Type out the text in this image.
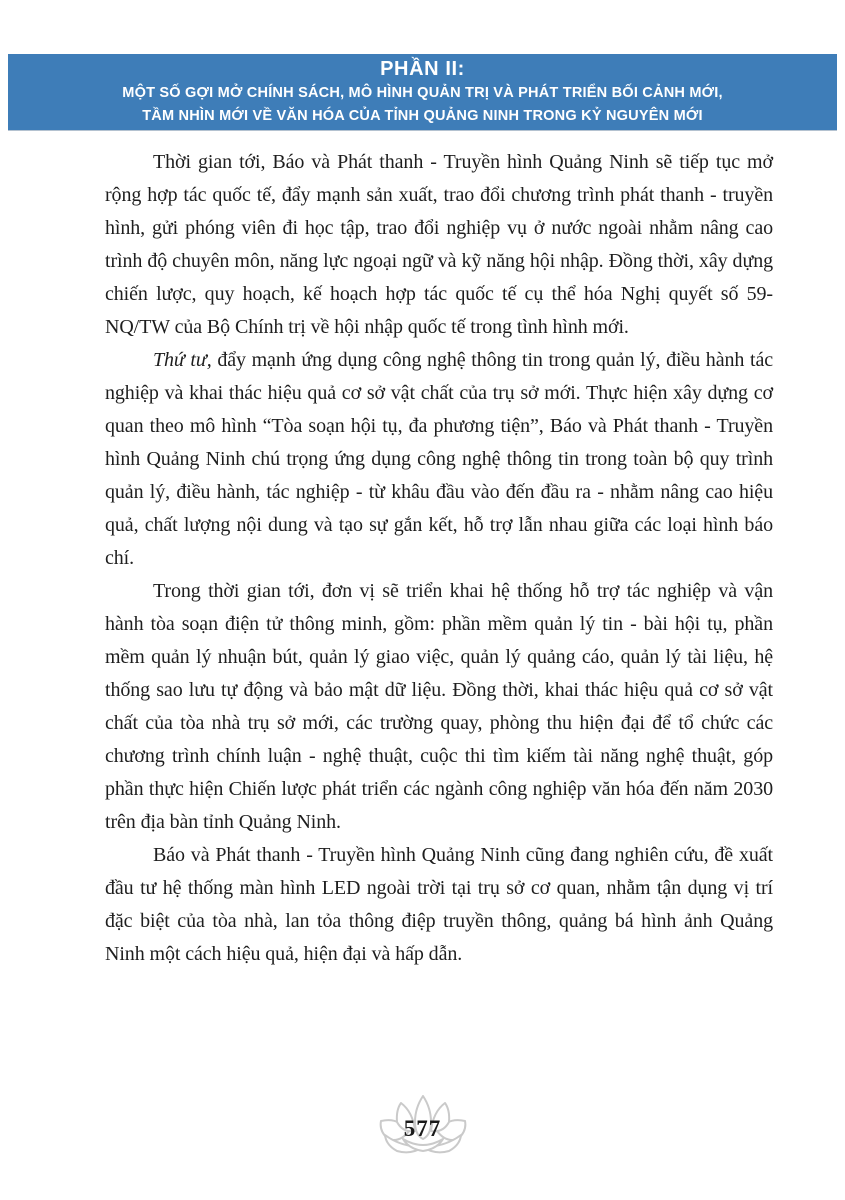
PHẦN II:
MỘT SỐ GỢI MỞ CHÍNH SÁCH, MÔ HÌNH QUẢN TRỊ VÀ PHÁT TRIỂN BỐI CẢNH MỚI,
TẦM NHÌN MỚI VỀ VĂN HÓA CỦA TỈNH QUẢNG NINH TRONG KỶ NGUYÊN MỚI

Thời gian tới, Báo và Phát thanh - Truyền hình Quảng Ninh sẽ tiếp tục mở rộng hợp tác quốc tế, đẩy mạnh sản xuất, trao đổi chương trình phát thanh - truyền hình, gửi phóng viên đi học tập, trao đổi nghiệp vụ ở nước ngoài nhằm nâng cao trình độ chuyên môn, năng lực ngoại ngữ và kỹ năng hội nhập. Đồng thời, xây dựng chiến lược, quy hoạch, kế hoạch hợp tác quốc tế cụ thể hóa Nghị quyết số 59-NQ/TW của Bộ Chính trị về hội nhập quốc tế trong tình hình mới.

Thứ tư, đẩy mạnh ứng dụng công nghệ thông tin trong quản lý, điều hành tác nghiệp và khai thác hiệu quả cơ sở vật chất của trụ sở mới. Thực hiện xây dựng cơ quan theo mô hình “Tòa soạn hội tụ, đa phương tiện”, Báo và Phát thanh - Truyền hình Quảng Ninh chú trọng ứng dụng công nghệ thông tin trong toàn bộ quy trình quản lý, điều hành, tác nghiệp - từ khâu đầu vào đến đầu ra - nhằm nâng cao hiệu quả, chất lượng nội dung và tạo sự gắn kết, hỗ trợ lẫn nhau giữa các loại hình báo chí.

Trong thời gian tới, đơn vị sẽ triển khai hệ thống hỗ trợ tác nghiệp và vận hành tòa soạn điện tử thông minh, gồm: phần mềm quản lý tin - bài hội tụ, phần mềm quản lý nhuận bút, quản lý giao việc, quản lý quảng cáo, quản lý tài liệu, hệ thống sao lưu tự động và bảo mật dữ liệu. Đồng thời, khai thác hiệu quả cơ sở vật chất của tòa nhà trụ sở mới, các trường quay, phòng thu hiện đại để tổ chức các chương trình chính luận - nghệ thuật, cuộc thi tìm kiếm tài năng nghệ thuật, góp phần thực hiện Chiến lược phát triển các ngành công nghiệp văn hóa đến năm 2030 trên địa bàn tỉnh Quảng Ninh.

Báo và Phát thanh - Truyền hình Quảng Ninh cũng đang nghiên cứu, đề xuất đầu tư hệ thống màn hình LED ngoài trời tại trụ sở cơ quan, nhằm tận dụng vị trí đặc biệt của tòa nhà, lan tỏa thông điệp truyền thông, quảng bá hình ảnh Quảng Ninh một cách hiệu quả, hiện đại và hấp dẫn.

577
